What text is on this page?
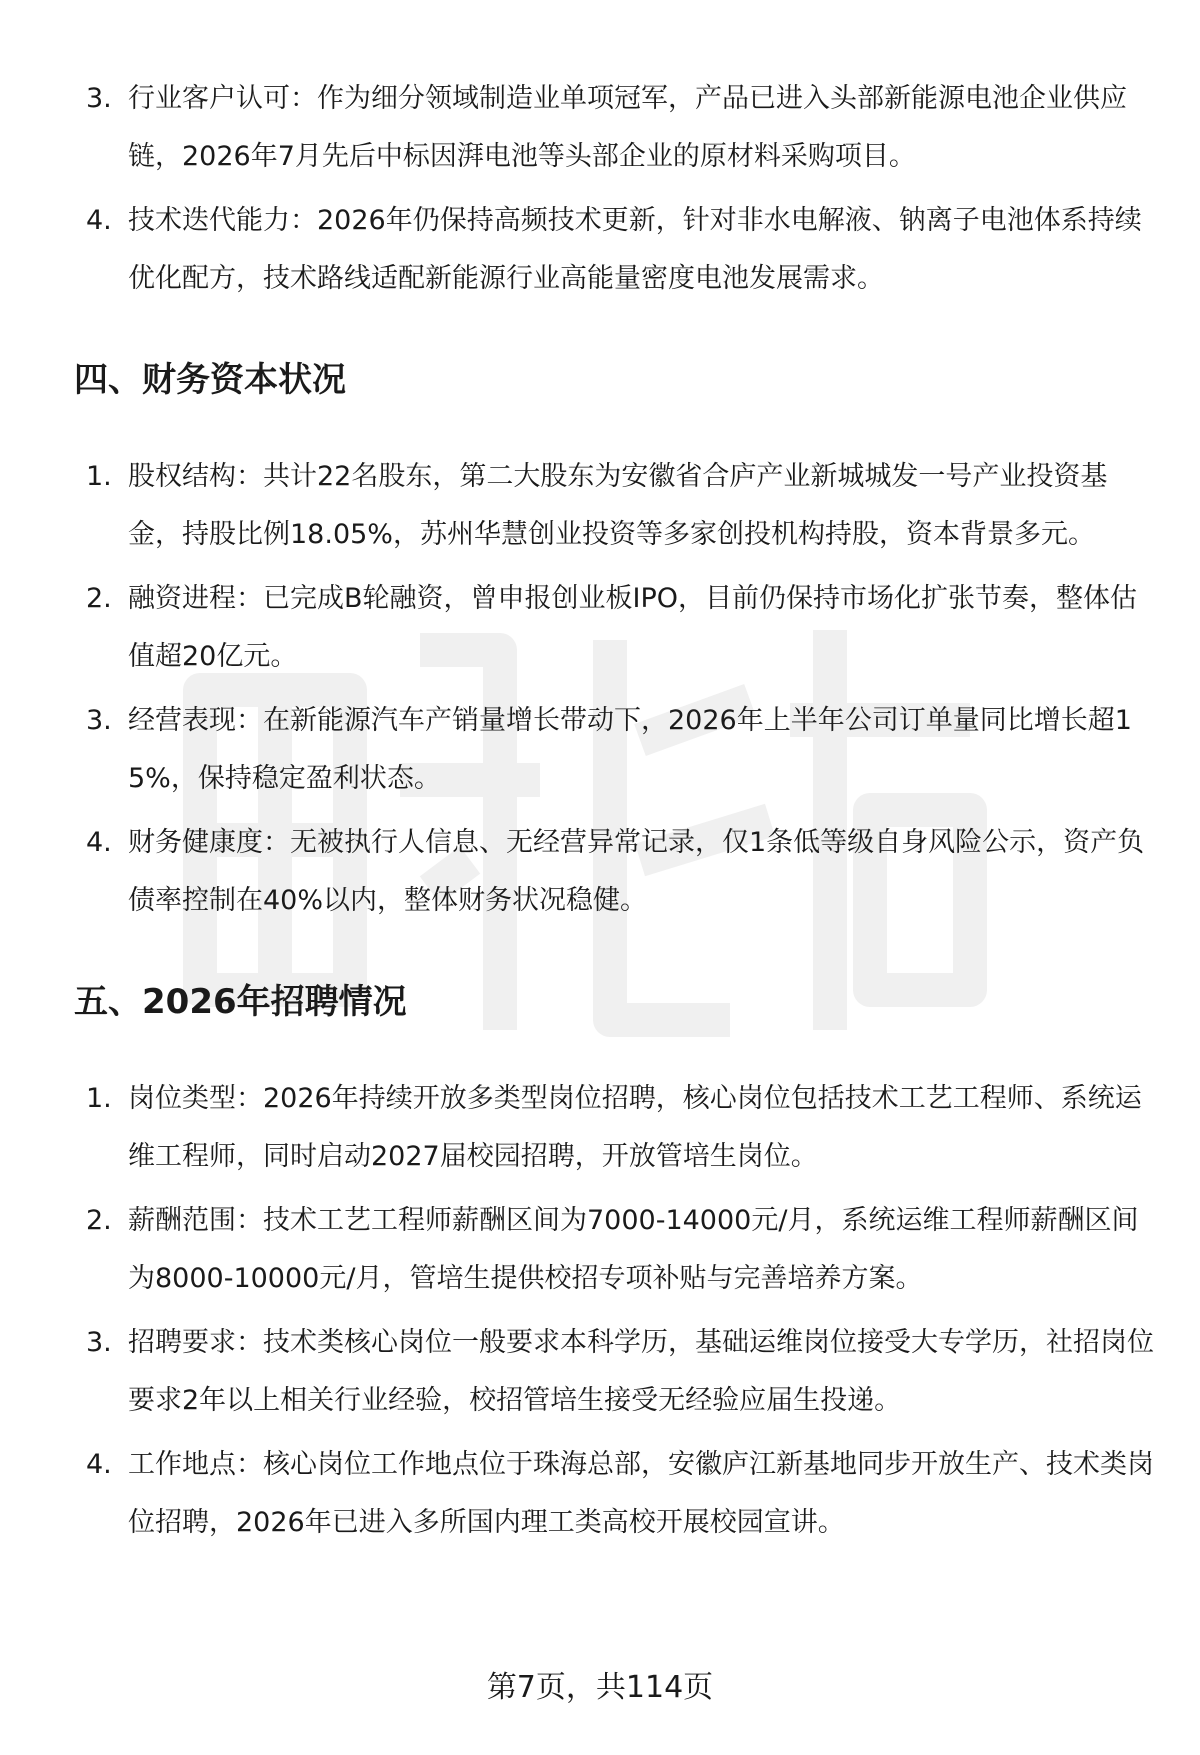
3. 行业客户认可：作为细分领域制造业单项冠军，产品已进入头部新能源电池企业供应链，2026年7月先后中标因湃电池等头部企业的原材料采购项目。
4. 技术迭代能力：2026年仍保持高频技术更新，针对非水电解液、钠离子电池体系持续优化配方，技术路线适配新能源行业高能量密度电池发展需求。
四、财务资本状况
1. 股权结构：共计22名股东，第二大股东为安徽省合庐产业新城城发一号产业投资基金，持股比例18.05%，苏州华慧创业投资等多家创投机构持股，资本背景多元。
2. 融资进程：已完成B轮融资，曾申报创业板IPO，目前仍保持市场化扩张节奏，整体估值超20亿元。
3. 经营表现：在新能源汽车产销量增长带动下，2026年上半年公司订单量同比增长超15%，保持稳定盈利状态。
4. 财务健康度：无被执行人信息、无经营异常记录，仅1条低等级自身风险公示，资产负债率控制在40%以内，整体财务状况稳健。
五、2026年招聘情况
1. 岗位类型：2026年持续开放多类型岗位招聘，核心岗位包括技术工艺工程师、系统运维工程师，同时启动2027届校园招聘，开放管培生岗位。
2. 薪酬范围：技术工艺工程师薪酬区间为7000-14000元/月，系统运维工程师薪酬区间为8000-10000元/月，管培生提供校招专项补贴与完善培养方案。
3. 招聘要求：技术类核心岗位一般要求本科学历，基础运维岗位接受大专学历，社招岗位要求2年以上相关行业经验，校招管培生接受无经验应届生投递。
4. 工作地点：核心岗位工作地点位于珠海总部，安徽庐江新基地同步开放生产、技术类岗位招聘，2026年已进入多所国内理工类高校开展校园宣讲。
第7页，共114页
